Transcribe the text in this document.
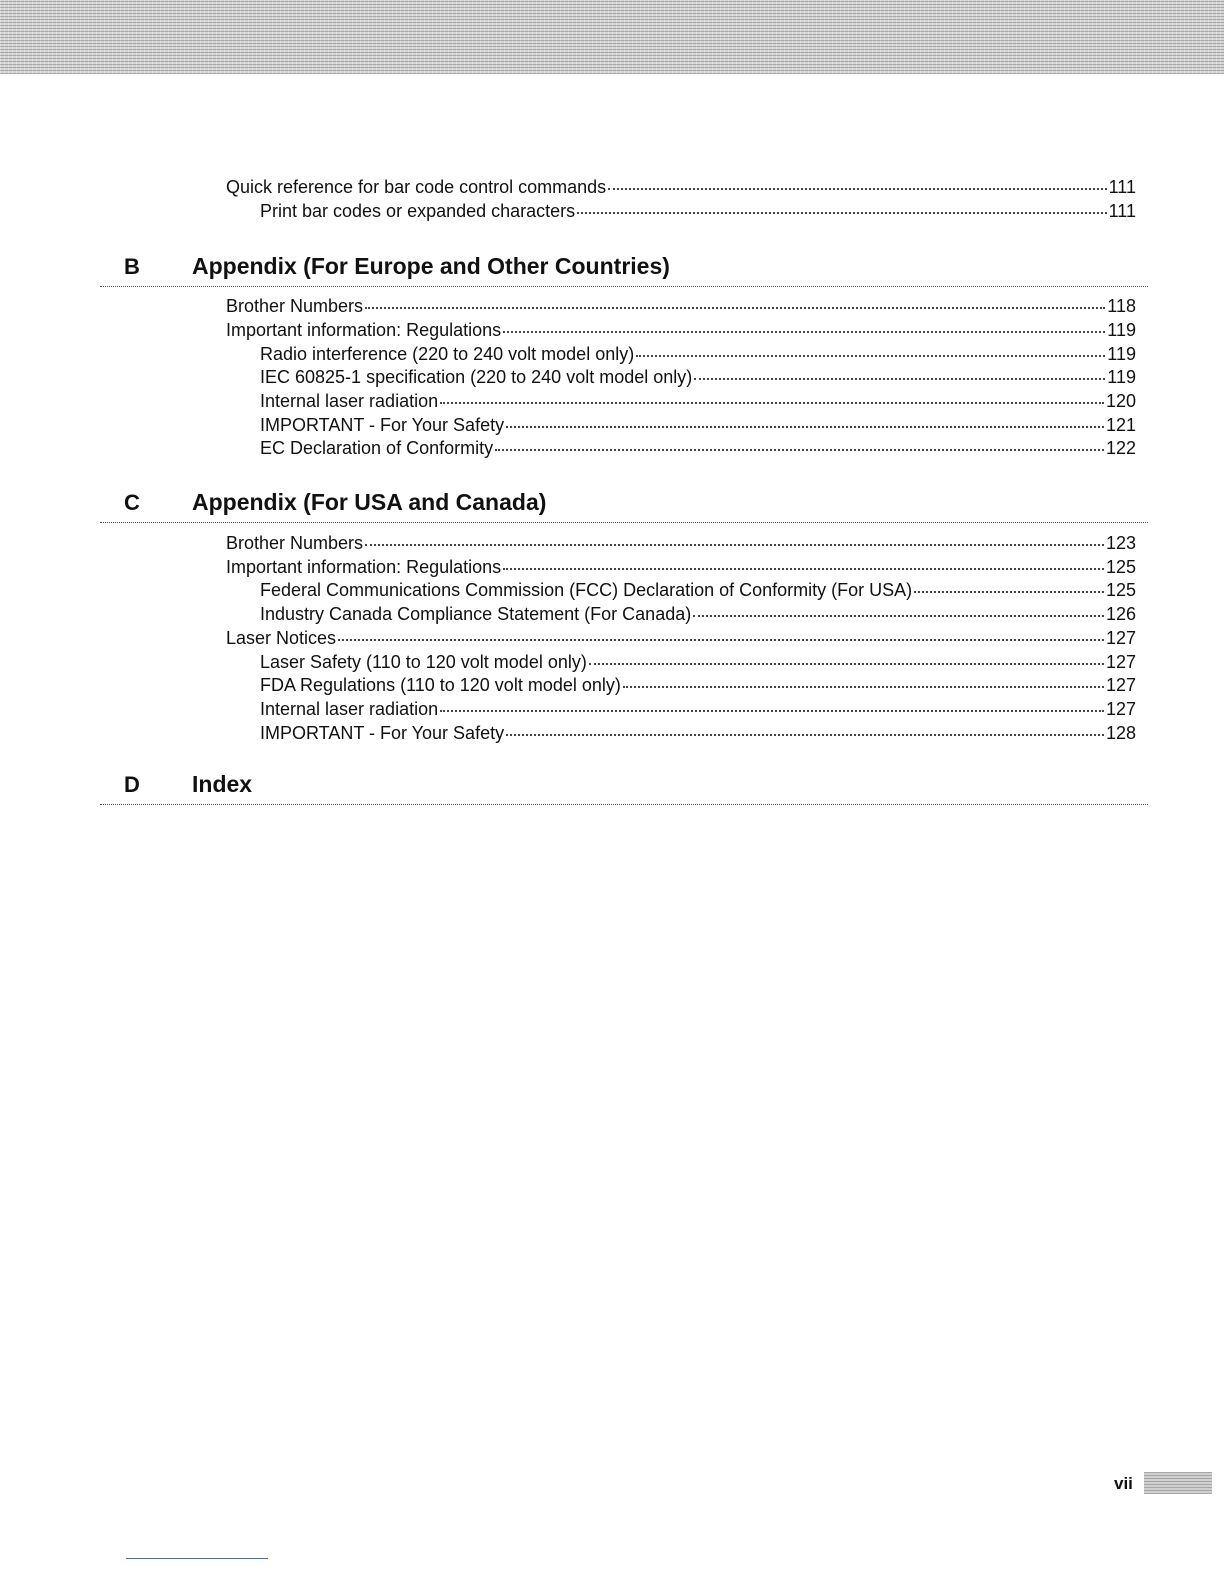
Quick reference for bar code control commands	111
Print bar codes or expanded characters	111
B Appendix (For Europe and Other Countries)
Brother Numbers	118
Important information: Regulations	119
Radio interference (220 to 240 volt model only)	119
IEC 60825-1 specification (220 to 240 volt model only)	119
Internal laser radiation	120
IMPORTANT - For Your Safety	121
EC Declaration of Conformity	122
C Appendix (For USA and Canada)
Brother Numbers	123
Important information: Regulations	125
Federal Communications Commission (FCC) Declaration of Conformity (For USA)	125
Industry Canada Compliance Statement (For Canada)	126
Laser Notices	127
Laser Safety (110 to 120 volt model only)	127
FDA Regulations (110 to 120 volt model only)	127
Internal laser radiation	127
IMPORTANT - For Your Safety	128
D Index
vii
